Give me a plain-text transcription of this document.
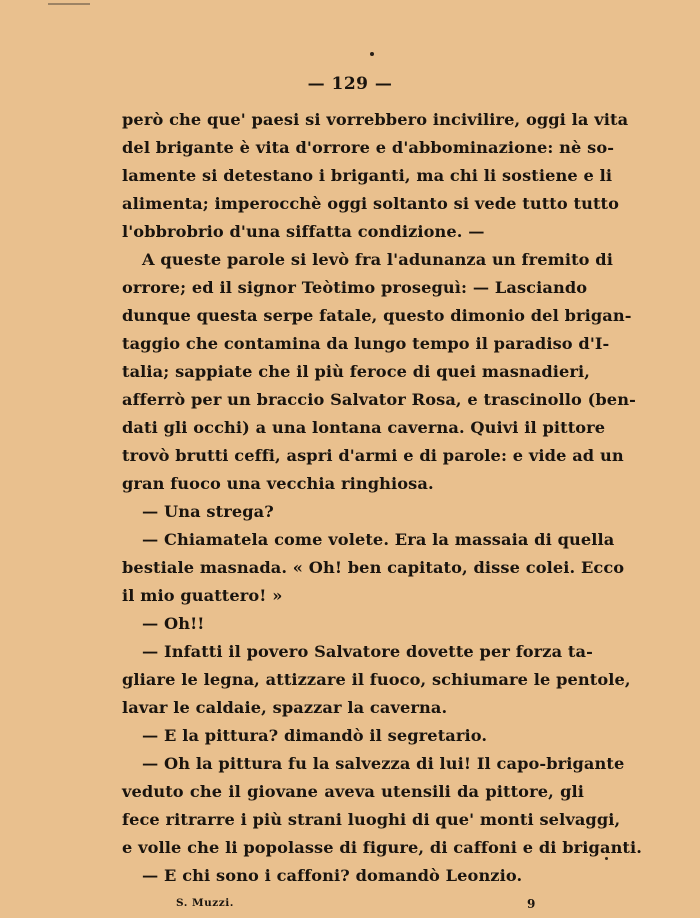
— 129 —
però che que' paesi si vorrebbero incivilire, oggi la vita
del brigante è vita d'orrore e d'abbominazione: nè so-
lamente si detestano i briganti, ma chi li sostiene e li
alimenta; imperocchè oggi soltanto si vede tutto tutto
l'obbrobrio d'una siffatta condizione. —
A queste parole si levò fra l'adunanza un fremito di
orrore; ed il signor Teòtimo proseguì: — Lasciando
dunque questa serpe fatale, questo dimonio del brigan-
taggio che contamina da lungo tempo il paradiso d'I-
talia; sappiate che il più feroce di quei masnadieri,
afferrò per un braccio Salvator Rosa, e trascinollo (ben-
dati gli occhi) a una lontana caverna. Quivi il pittore
trovò brutti ceffi, aspri d'armi e di parole: e vide ad un
gran fuoco una vecchia ringhiosa.
— Una strega?
— Chiamatela come volete. Era la massaia di quella
bestiale masnada. « Oh! ben capitato, disse colei. Ecco
il mio guattero! »
— Oh!!
— Infatti il povero Salvatore dovette per forza ta-
gliare le legna, attizzare il fuoco, schiumare le pentole,
lavar le caldaie, spazzar la caverna.
— E la pittura? dimandò il segretario.
— Oh la pittura fu la salvezza di lui! Il capo-brigante
veduto che il giovane aveva utensili da pittore, gli
fece ritrarre i più strani luoghi di que' monti selvaggi,
e volle che li popolasse di figure, di caffoni e di briganti.
— E chi sono i caffoni? domandò Leonzio.
S. Muzzi.	9
